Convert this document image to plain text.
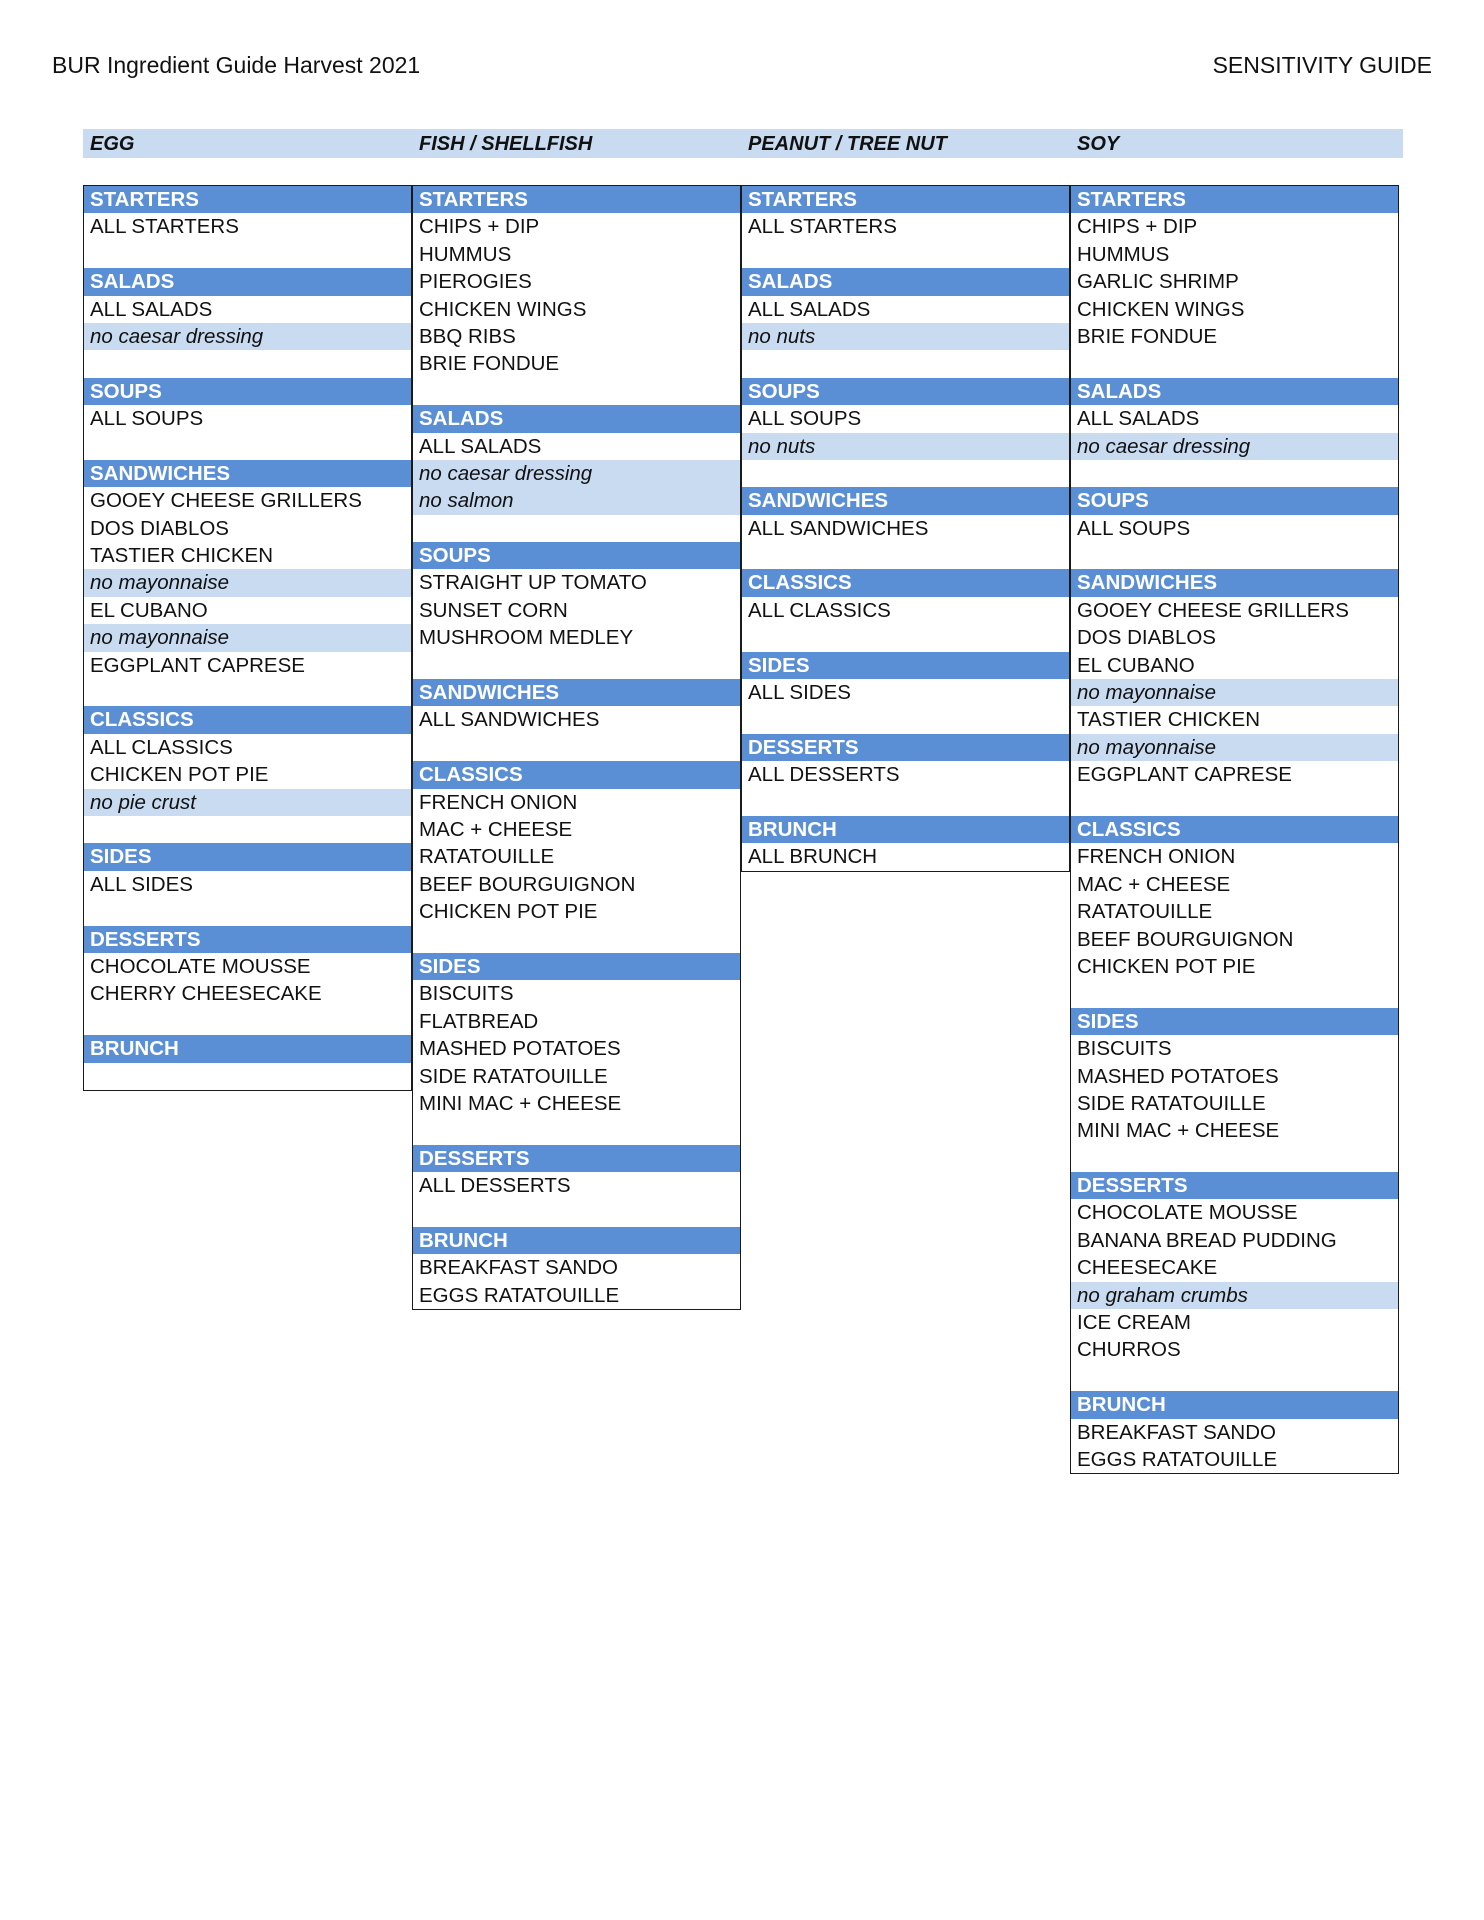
BUR Ingredient Guide Harvest 2021	SENSITIVITY GUIDE
EGG	FISH / SHELLFISH	PEANUT / TREE NUT	SOY
STARTERS
ALL STARTERS
SALADS
ALL SALADS
no caesar dressing
SOUPS
ALL SOUPS
SANDWICHES
GOOEY CHEESE GRILLERS
DOS DIABLOS
TASTIER CHICKEN
no mayonnaise
EL CUBANO
no mayonnaise
EGGPLANT CAPRESE
CLASSICS
ALL CLASSICS
CHICKEN POT PIE
no pie crust
SIDES
ALL SIDES
DESSERTS
CHOCOLATE MOUSSE
CHERRY CHEESECAKE
BRUNCH
STARTERS
CHIPS + DIP
HUMMUS
PIEROGIES
CHICKEN WINGS
BBQ RIBS
BRIE FONDUE
SALADS
ALL SALADS
no caesar dressing
no salmon
SOUPS
STRAIGHT UP TOMATO
SUNSET CORN
MUSHROOM MEDLEY
SANDWICHES
ALL SANDWICHES
CLASSICS
FRENCH ONION
MAC + CHEESE
RATATOUILLE
BEEF BOURGUIGNON
CHICKEN POT PIE
SIDES
BISCUITS
FLATBREAD
MASHED POTATOES
SIDE RATATOUILLE
MINI MAC + CHEESE
DESSERTS
ALL DESSERTS
BRUNCH
BREAKFAST SANDO
EGGS RATATOUILLE
STARTERS
ALL STARTERS
SALADS
ALL SALADS
no nuts
SOUPS
ALL SOUPS
no nuts
SANDWICHES
ALL SANDWICHES
CLASSICS
ALL CLASSICS
SIDES
ALL SIDES
DESSERTS
ALL DESSERTS
BRUNCH
ALL BRUNCH
STARTERS
CHIPS + DIP
HUMMUS
GARLIC SHRIMP
CHICKEN WINGS
BRIE FONDUE
SALADS
ALL SALADS
no caesar dressing
SOUPS
ALL SOUPS
SANDWICHES
GOOEY CHEESE GRILLERS
DOS DIABLOS
EL CUBANO
no mayonnaise
TASTIER CHICKEN
no mayonnaise
EGGPLANT CAPRESE
CLASSICS
FRENCH ONION
MAC + CHEESE
RATATOUILLE
BEEF BOURGUIGNON
CHICKEN POT PIE
SIDES
BISCUITS
MASHED POTATOES
SIDE RATATOUILLE
MINI MAC + CHEESE
DESSERTS
CHOCOLATE MOUSSE
BANANA BREAD PUDDING
CHEESECAKE
no graham crumbs
ICE CREAM
CHURROS
BRUNCH
BREAKFAST SANDO
EGGS RATATOUILLE
